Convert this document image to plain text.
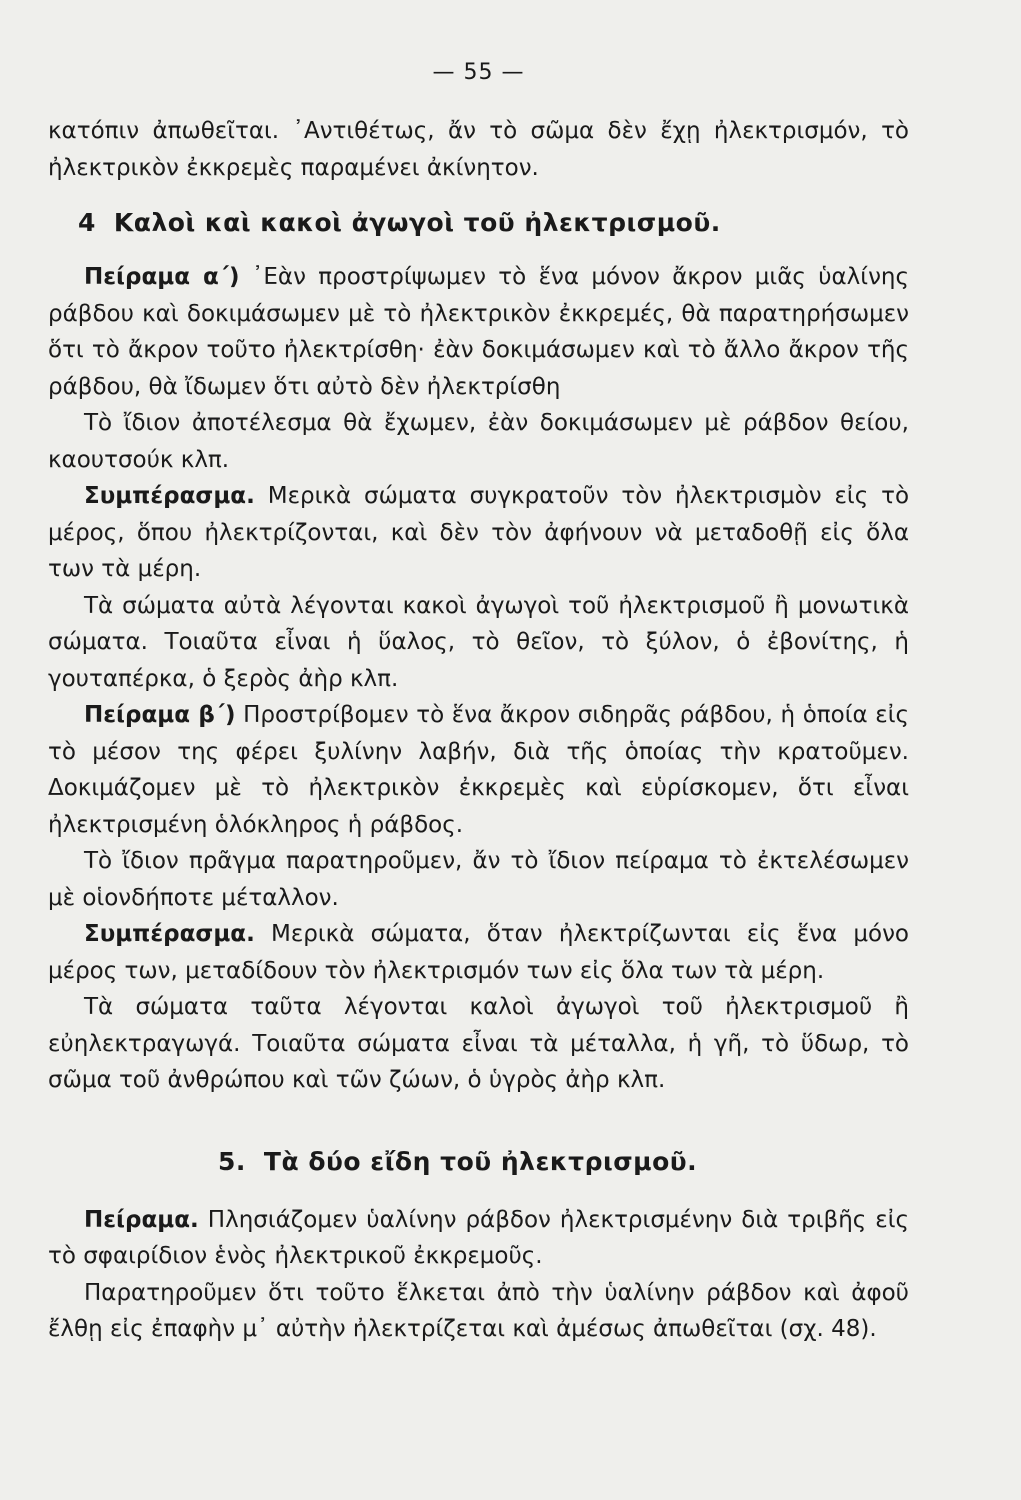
— 55 —

κατόπιν ἀπωθεῖται. ᾿Αντιθέτως, ἄν τὸ σῶμα δὲν ἔχῃ ἠλεκτρισμόν, τὸ ἠλεκτρικὸν ἐκκρεμὲς παραμένει ἀκίνητον.

4 Καλοὶ καὶ κακοὶ ἀγωγοὶ τοῦ ἠλεκτρισμοῦ.

Πείραμα α΄) ᾿Εὰν προστρίψωμεν τὸ ἕνα μόνον ἄκρον μιᾶς ὑαλίνης ράβδου καὶ δοκιμάσωμεν μὲ τὸ ἠλεκτρικὸν ἐκκρεμές, θὰ παρατηρήσωμεν ὅτι τὸ ἄκρον τοῦτο ἠλεκτρίσθη· ἐὰν δοκιμάσωμεν καὶ τὸ ἄλλο ἄκρον τῆς ράβδου, θὰ ἴδωμεν ὅτι αὐτὸ δὲν ἠλεκτρίσθη

Τὸ ἴδιον ἀποτέλεσμα θὰ ἔχωμεν, ἐὰν δοκιμάσωμεν μὲ ράβδον θείου, καουτσούκ κλπ.

Συμπέρασμα. Μερικὰ σώματα συγκρατοῦν τὸν ἠλεκτρισμὸν εἰς τὸ μέρος, ὅπου ἠλεκτρίζονται, καὶ δὲν τὸν ἀφήνουν νὰ μεταδοθῇ εἰς ὅλα των τὰ μέρη.

Τὰ σώματα αὐτὰ λέγονται κακοὶ ἀγωγοὶ τοῦ ἠλεκτρισμοῦ ἢ μονωτικὰ σώματα. Τοιαῦτα εἶναι ἡ ὕαλος, τὸ θεῖον, τὸ ξύλον, ὁ ἐβονίτης, ἡ γουταπέρκα, ὁ ξερὸς ἀὴρ κλπ.

Πείραμα β΄) Προστρίβομεν τὸ ἕνα ἄκρον σιδηρᾶς ράβδου, ἡ ὁποία εἰς τὸ μέσον της φέρει ξυλίνην λαβήν, διὰ τῆς ὁποίας τὴν κρατοῦμεν. Δοκιμάζομεν μὲ τὸ ἠλεκτρικὸν ἐκκρεμὲς καὶ εὑρίσκομεν, ὅτι εἶναι ἠλεκτρισμένη ὁλόκληρος ἡ ράβδος.

Τὸ ἴδιον πρᾶγμα παρατηροῦμεν, ἄν τὸ ἴδιον πείραμα τὸ ἐκτελέσωμεν μὲ οἱονδήποτε μέταλλον.

Συμπέρασμα. Μερικὰ σώματα, ὅταν ἠλεκτρίζωνται εἰς ἕνα μόνο μέρος των, μεταδίδουν τὸν ἠλεκτρισμόν των εἰς ὅλα των τὰ μέρη.

Τὰ σώματα ταῦτα λέγονται καλοὶ ἀγωγοὶ τοῦ ἠλεκτρισμοῦ ἢ εὐηλεκτραγωγά. Τοιαῦτα σώματα εἶναι τὰ μέταλλα, ἡ γῆ, τὸ ὕδωρ, τὸ σῶμα τοῦ ἀνθρώπου καὶ τῶν ζώων, ὁ ὑγρὸς ἀὴρ κλπ.

5. Τὰ δύο εἴδη τοῦ ἠλεκτρισμοῦ.

Πείραμα. Πλησιάζομεν ὑαλίνην ράβδον ἠλεκτρισμένην διὰ τριβῆς εἰς τὸ σφαιρίδιον ἑνὸς ἠλεκτρικοῦ ἐκκρεμοῦς.

Παρατηροῦμεν ὅτι τοῦτο ἕλκεται ἀπὸ τὴν ὑαλίνην ράβδον καὶ ἀφοῦ ἔλθῃ εἰς ἐπαφὴν μ᾿ αὐτὴν ἠλεκτρίζεται καὶ ἀμέσως ἀπωθεῖται (σχ. 48).
